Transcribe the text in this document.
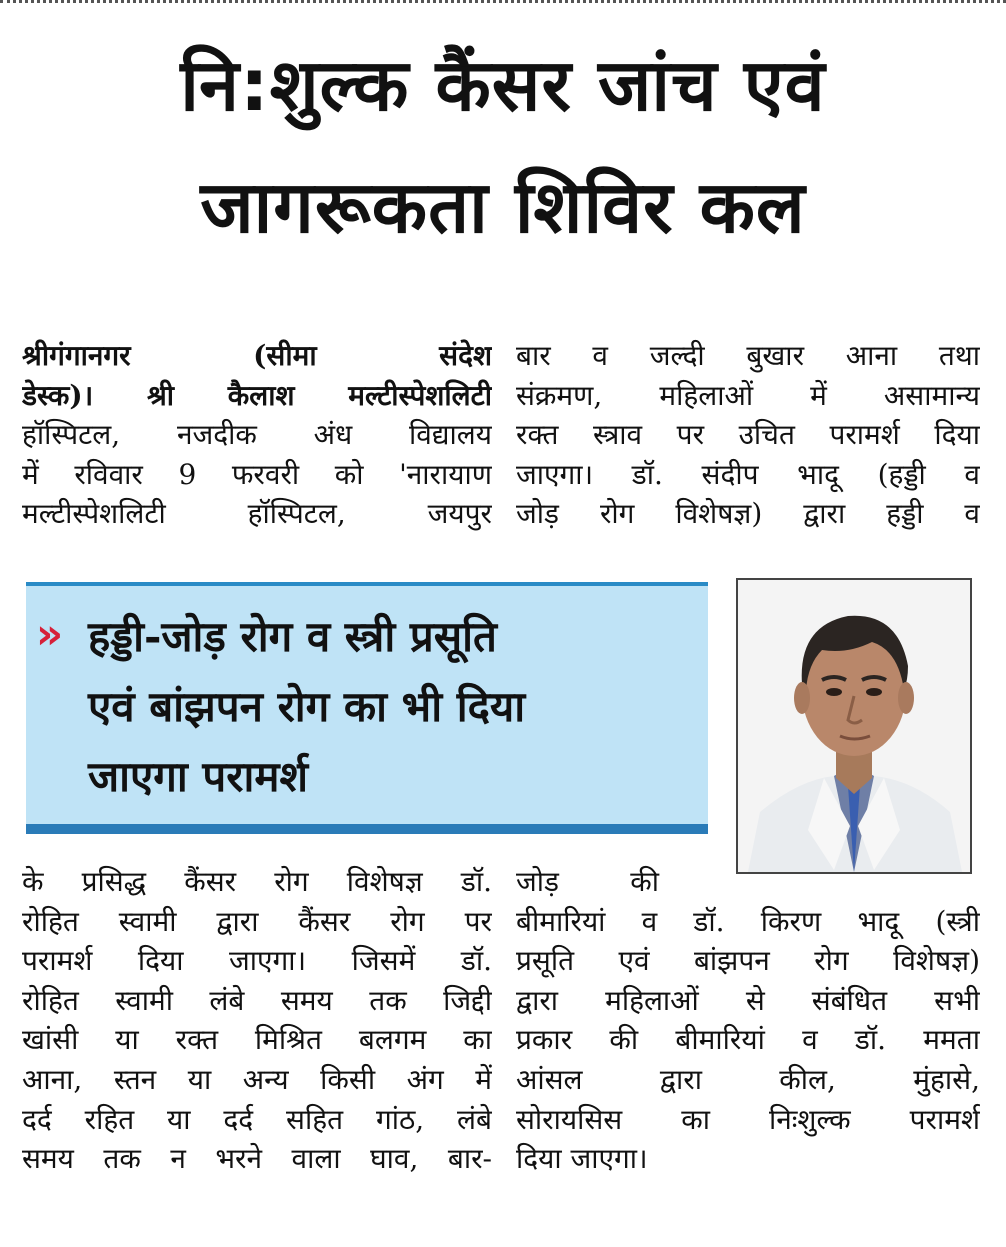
नि:शुल्क कैंसर जांच एवं
जागरूकता शिविर कल
श्रीगंगानगर (सीमा संदेश
डेस्क)। श्री कैलाश मल्टीस्पेशलिटी
हॉस्पिटल, नजदीक अंध विद्यालय
में रविवार 9 फरवरी को 'नारायाण
मल्टीस्पेशलिटी हॉस्पिटल, जयपुर
बार व जल्दी बुखार आना तथा
संक्रमण, महिलाओं में असामान्य
रक्त स्त्राव पर उचित परामर्श दिया
जाएगा। डॉ. संदीप भादू (हड्डी व
जोड़ रोग विशेषज्ञ) द्वारा हड्डी व
» हड्डी-जोड़ रोग व स्त्री प्रसूति
एवं बांझपन रोग का भी दिया
जाएगा परामर्श
के प्रसिद्ध कैंसर रोग विशेषज्ञ डॉ.
रोहित स्वामी द्वारा कैंसर रोग पर
परामर्श दिया जाएगा। जिसमें डॉ.
रोहित स्वामी लंबे समय तक जिद्दी
खांसी या रक्त मिश्रित बलगम का
आना, स्तन या अन्य किसी अंग में
दर्द रहित या दर्द सहित गांठ, लंबे
समय तक न भरने वाला घाव, बार-
जोड़        की
बीमारियां व डॉ. किरण भादू (स्त्री
प्रसूति एवं बांझपन रोग विशेषज्ञ)
द्वारा महिलाओं से संबंधित सभी
प्रकार की बीमारियां व डॉ. ममता
आंसल द्वारा कील, मुंहासे,
सोरायसिस का निःशुल्क परामर्श
दिया जाएगा।
